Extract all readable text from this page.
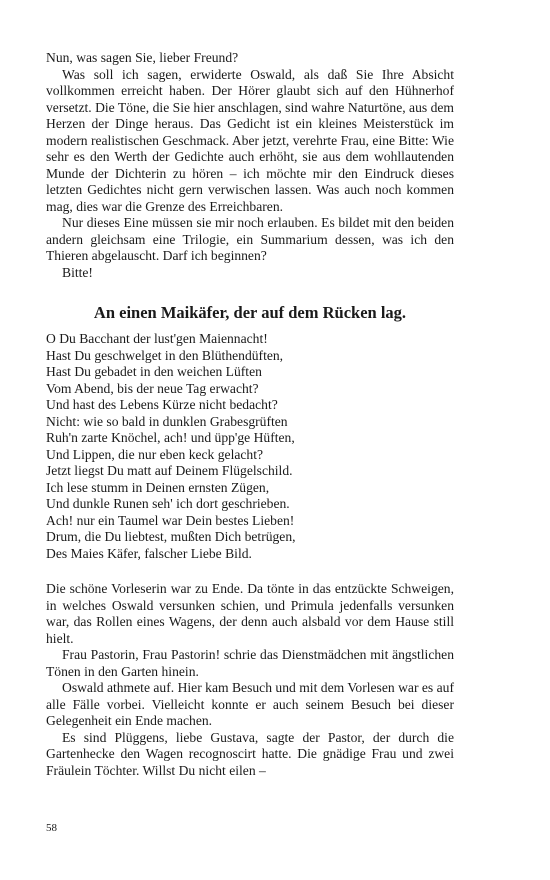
Nun, was sagen Sie, lieber Freund?

Was soll ich sagen, erwiderte Oswald, als daß Sie Ihre Absicht vollkommen erreicht haben. Der Hörer glaubt sich auf den Hühnerhof versetzt. Die Töne, die Sie hier anschlagen, sind wahre Naturtöne, aus dem Herzen der Dinge heraus. Das Gedicht ist ein kleines Meisterstück im modern realistischen Geschmack. Aber jetzt, verehrte Frau, eine Bitte: Wie sehr es den Werth der Gedichte auch erhöht, sie aus dem wohllautenden Munde der Dichterin zu hören – ich möchte mir den Eindruck dieses letzten Gedichtes nicht gern verwischen lassen. Was auch noch kommen mag, dies war die Grenze des Erreichbaren.

Nur dieses Eine müssen sie mir noch erlauben. Es bildet mit den beiden andern gleichsam eine Trilogie, ein Summarium dessen, was ich den Thieren abgelauscht. Darf ich beginnen?

Bitte!

An einen Maikäfer, der auf dem Rücken lag.
O Du Bacchant der lust'gen Maiennacht!
Hast Du geschwelget in den Blüthendüften,
Hast Du gebadet in den weichen Lüften
Vom Abend, bis der neue Tag erwacht?
Und hast des Lebens Kürze nicht bedacht?
Nicht: wie so bald in dunklen Grabesgrüften
Ruh'n zarte Knöchel, ach! und üpp'ge Hüften,
Und Lippen, die nur eben keck gelacht?
Jetzt liegst Du matt auf Deinem Flügelschild.
Ich lese stumm in Deinen ernsten Zügen,
Und dunkle Runen seh' ich dort geschrieben.
Ach! nur ein Taumel war Dein bestes Lieben!
Drum, die Du liebtest, mußten Dich betrügen,
Des Maies Käfer, falscher Liebe Bild.

Die schöne Vorleserin war zu Ende. Da tönte in das entzückte Schweigen, in welches Oswald versunken schien, und Primula jedenfalls versunken war, das Rollen eines Wagens, der denn auch alsbald vor dem Hause still hielt.

Frau Pastorin, Frau Pastorin! schrie das Dienstmädchen mit ängstlichen Tönen in den Garten hinein.

Oswald athmete auf. Hier kam Besuch und mit dem Vorlesen war es auf alle Fälle vorbei. Vielleicht konnte er auch seinem Besuch bei dieser Gelegenheit ein Ende machen.

Es sind Plüggens, liebe Gustava, sagte der Pastor, der durch die Gartenhecke den Wagen recognoscirt hatte. Die gnädige Frau und zwei Fräulein Töchter. Willst Du nicht eilen –

58
